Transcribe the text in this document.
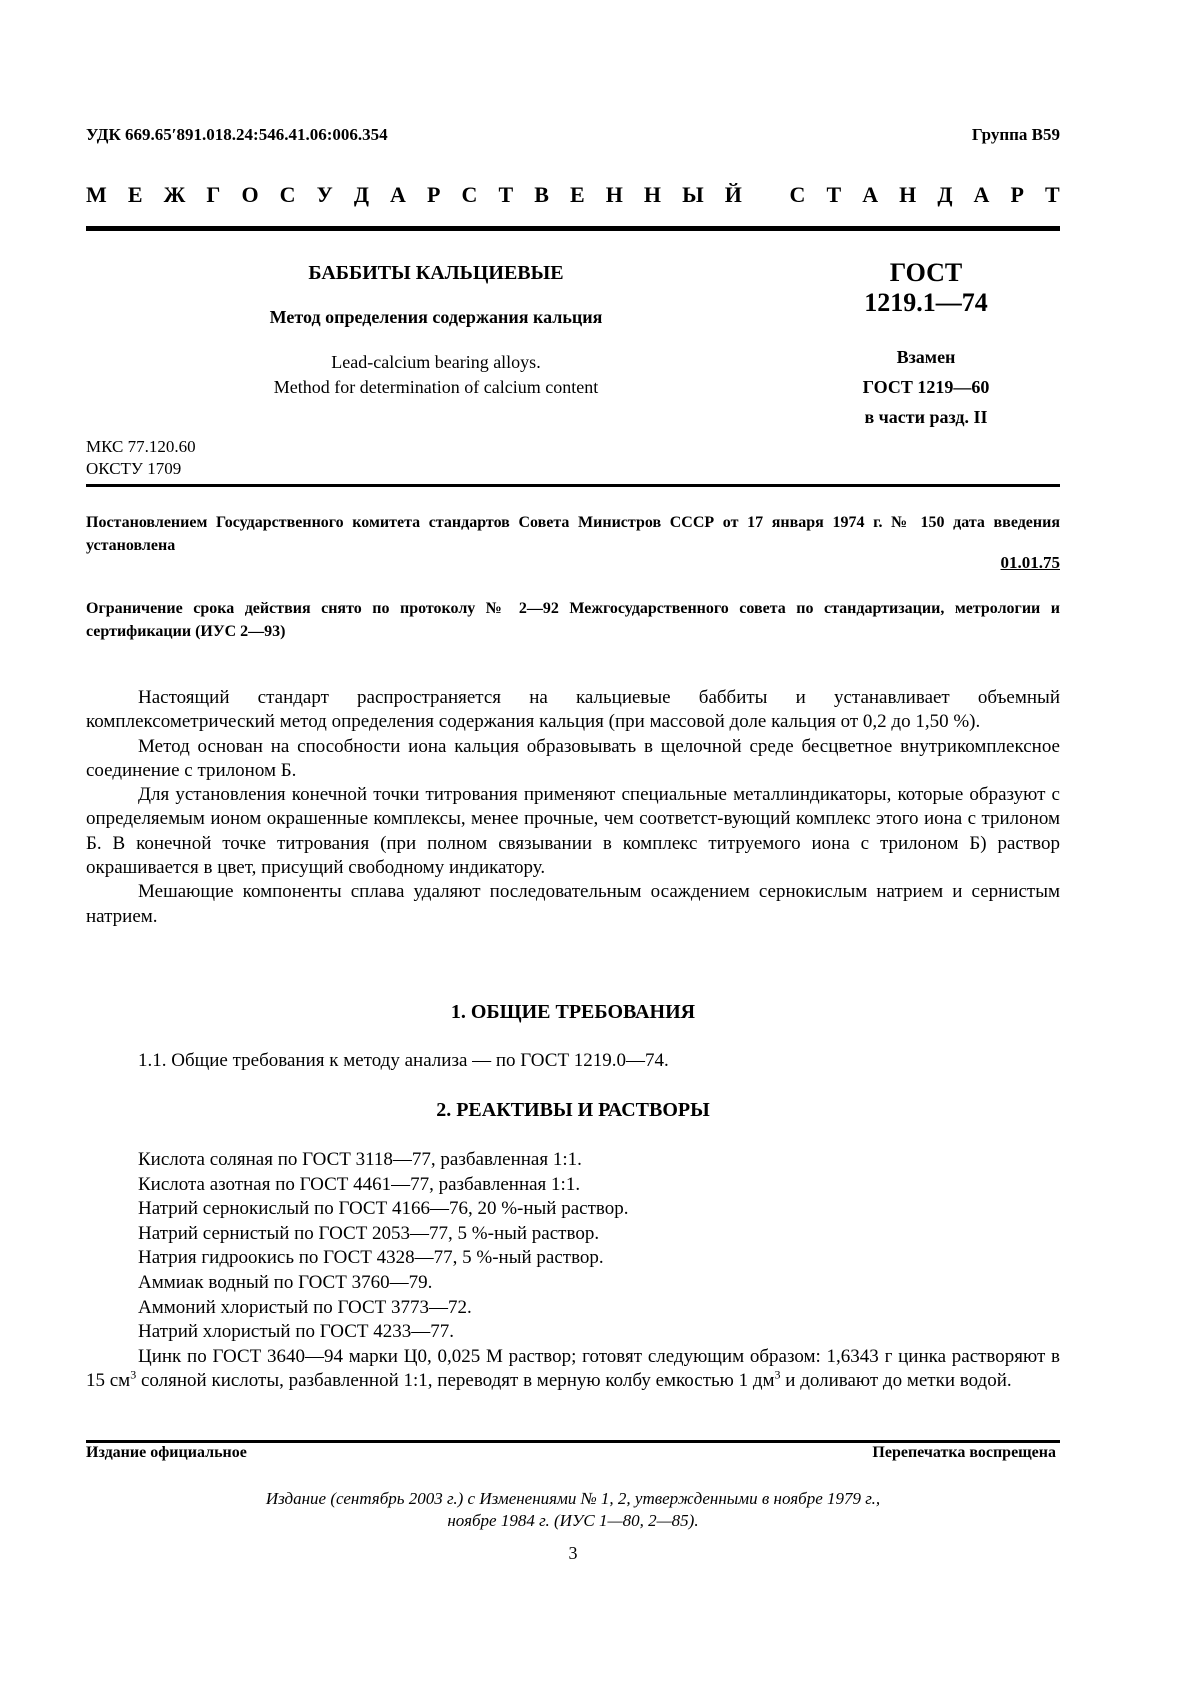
УДК 669.65′891.018.24:546.41.06:006.354	Группа В59
М Е Ж Г О С У Д А Р С Т В Е Н Н Ы Й
С Т А Н Д А Р Т
БАББИТЫ КАЛЬЦИЕВЫЕ
Метод определения содержания кальция
Lead-calcium bearing alloys.
Method for determination of calcium content
ГОСТ
1219.1—74
Взамен
ГОСТ 1219—60
в части разд. II
МКС 77.120.60
ОКСТУ 1709
Постановлением Государственного комитета стандартов Совета Министров СССР от 17 января 1974 г. № 150 дата введения установлена
01.01.75
Ограничение срока действия снято по протоколу № 2—92 Межгосударственного совета по стандартизации, метрологии и сертификации (ИУС 2—93)

Настоящий стандарт распространяется на кальциевые баббиты и устанавливает объемный комплексометрический метод определения содержания кальция (при массовой доле кальция от 0,2 до 1,50 %).

Метод основан на способности иона кальция образовывать в щелочной среде бесцветное внутрикомплексное соединение с трилоном Б.

Для установления конечной точки титрования применяют специальные металлиндикаторы, которые образуют с определяемым ионом окрашенные комплексы, менее прочные, чем соответст-вующий комплекс этого иона с трилоном Б. В конечной точке титрования (при полном связывании в комплекс титруемого иона с трилоном Б) раствор окрашивается в цвет, присущий свободному индикатору.

Мешающие компоненты сплава удаляют последовательным осаждением сернокислым натрием и сернистым натрием.

1. ОБЩИЕ ТРЕБОВАНИЯ

1.1. Общие требования к методу анализа — по ГОСТ 1219.0—74.

2. РЕАКТИВЫ И РАСТВОРЫ

Кислота соляная по ГОСТ 3118—77, разбавленная 1:1.

Кислота азотная по ГОСТ 4461—77, разбавленная 1:1.

Натрий сернокислый по ГОСТ 4166—76, 20 %-ный раствор.

Натрий сернистый по ГОСТ 2053—77, 5 %-ный раствор.

Натрия гидроокись по ГОСТ 4328—77, 5 %-ный раствор.

Аммиак водный по ГОСТ 3760—79.

Аммоний хлористый по ГОСТ 3773—72.

Натрий хлористый по ГОСТ 4233—77.

Цинк по ГОСТ 3640—94 марки Ц0, 0,025 М раствор; готовят следующим образом: 1,6343 г цинка растворяют в 15 $см^3$ соляной кислоты, разбавленной 1:1, переводят в мерную колбу емкостью 1 $дм^3$ и доливают до метки водой.

Издание официальное	Перепечатка воспрещена
Издание (сентябрь 2003 г.) с Изменениями № 1, 2, утвержденными в ноябре 1979 г.,
ноябре 1984 г. (ИУС 1—80, 2—85).
3
